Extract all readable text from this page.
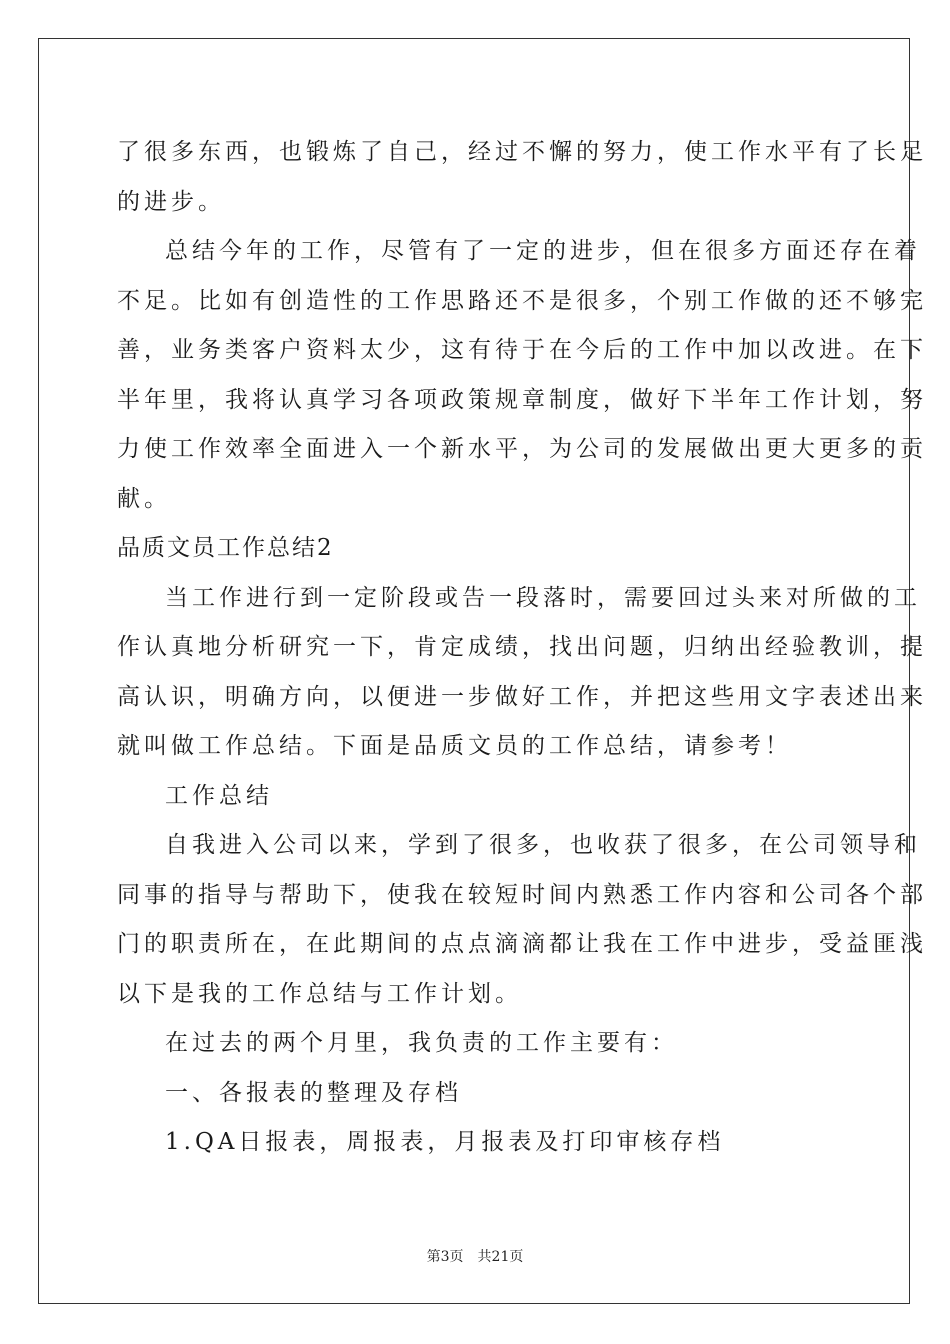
了很多东西，也锻炼了自己，经过不懈的努力，使工作水平有了长足
的进步。
总结今年的工作，尽管有了一定的进步，但在很多方面还存在着
不足。比如有创造性的工作思路还不是很多，个别工作做的还不够完
善，业务类客户资料太少，这有待于在今后的工作中加以改进。在下
半年里，我将认真学习各项政策规章制度，做好下半年工作计划，努
力使工作效率全面进入一个新水平，为公司的发展做出更大更多的贡
献。
品质文员工作总结2
当工作进行到一定阶段或告一段落时，需要回过头来对所做的工
作认真地分析研究一下，肯定成绩，找出问题，归纳出经验教训，提
高认识，明确方向，以便进一步做好工作，并把这些用文字表述出来
就叫做工作总结。下面是品质文员的工作总结，请参考！
工作总结
自我进入公司以来，学到了很多，也收获了很多，在公司领导和
同事的指导与帮助下，使我在较短时间内熟悉工作内容和公司各个部
门的职责所在，在此期间的点点滴滴都让我在工作中进步，受益匪浅
以下是我的工作总结与工作计划。
在过去的两个月里，我负责的工作主要有：
一、各报表的整理及存档
1.QA日报表，周报表，月报表及打印审核存档
第3页　共21页
